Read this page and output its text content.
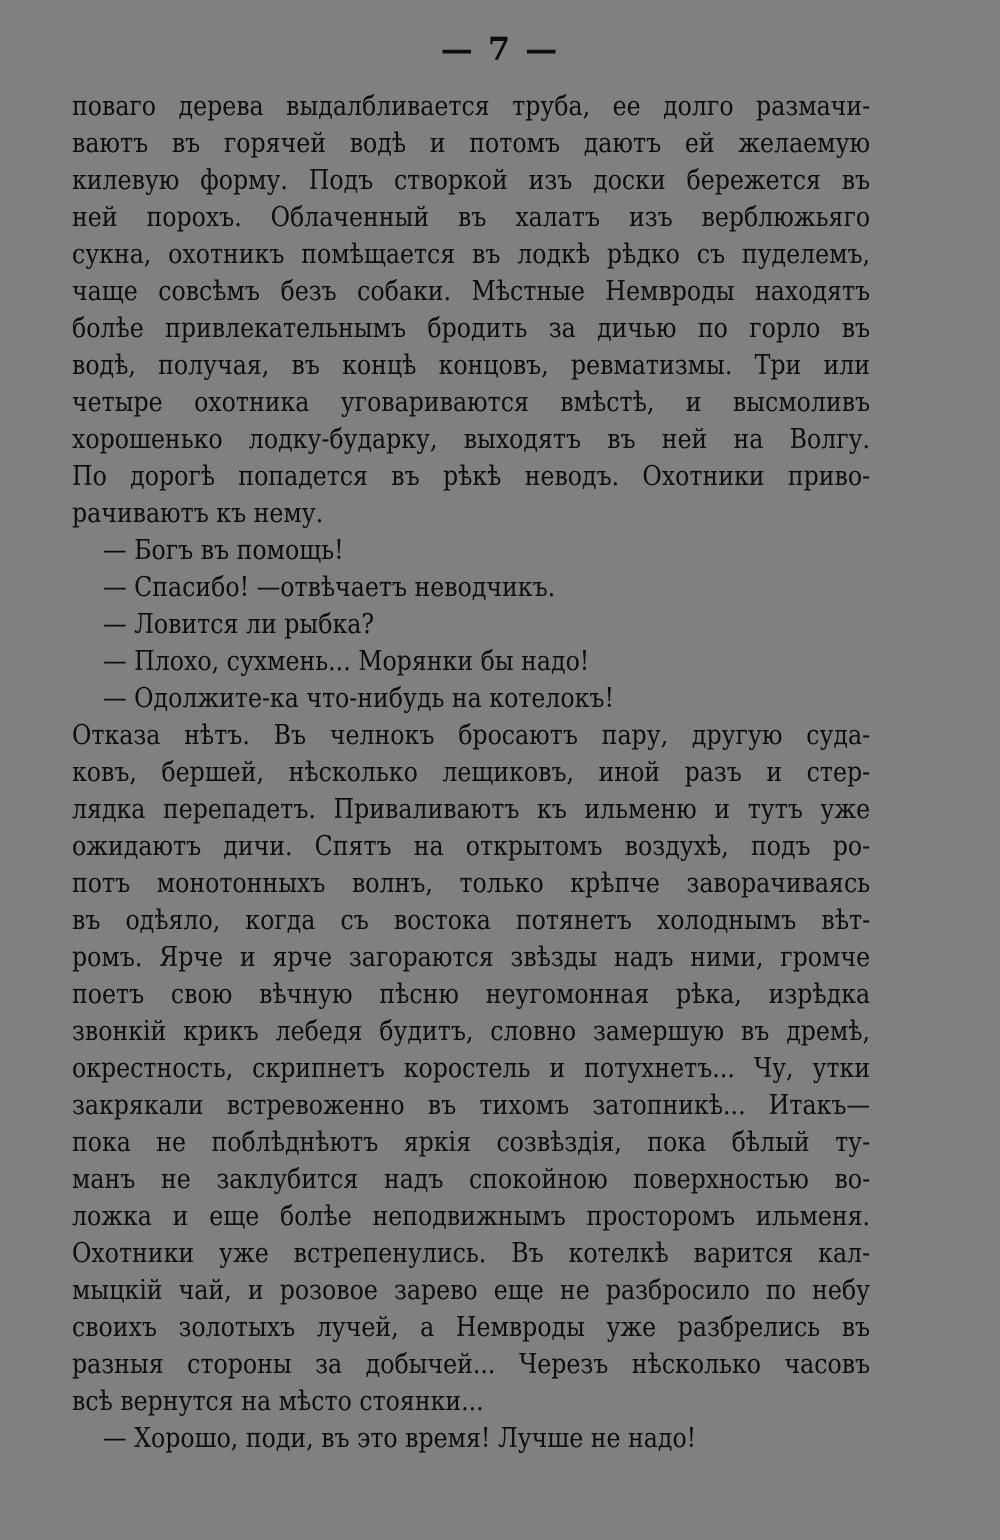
— 7 —
поваго дерева выдалбливается труба, ее долго размачи-
ваютъ въ горячей водѣ и потомъ даютъ ей желаемую
килевую форму. Подъ створкой изъ доски бережется въ
ней порохъ. Облаченный въ халатъ изъ верблюжьяго
сукна, охотникъ помѣщается въ лодкѣ рѣдко съ пуделемъ,
чаще совсѣмъ безъ собаки. Мѣстные Немвроды находятъ
болѣе привлекательнымъ бродить за дичью по горло въ
водѣ, получая, въ концѣ концовъ, ревматизмы. Три или
четыре охотника уговариваются вмѣстѣ, и высмоливъ
хорошенько лодку-бударку, выходятъ въ ней на Волгу.
По дорогѣ попадется въ рѣкѣ неводъ. Охотники приво-
рачиваютъ къ нему.
— Богъ въ помощь!
— Спасибо! —отвѣчаетъ неводчикъ.
— Ловится ли рыбка?
— Плохо, сухмень... Морянки бы надо!
— Одолжите-ка что-нибудь на котелокъ!
Отказа нѣтъ. Въ челнокъ бросаютъ пару, другую суда-
ковъ, бершей, нѣсколько лещиковъ, иной разъ и стер-
лядка перепадетъ. Приваливаютъ къ ильменю и тутъ уже
ожидаютъ дичи. Спятъ на открытомъ воздухѣ, подъ ро-
потъ монотонныхъ волнъ, только крѣпче заворачиваясь
въ одѣяло, когда съ востока потянетъ холоднымъ вѣт-
ромъ. Ярче и ярче загораются звѣзды надъ ними, громче
поетъ свою вѣчную пѣсню неугомонная рѣка, изрѣдка
звонкій крикъ лебедя будитъ, словно замершую въ дремѣ,
окрестность, скрипнетъ коростель и потухнетъ... Чу, утки
закрякали встревоженно въ тихомъ затопникѣ... Итакъ—
пока не поблѣднѣютъ яркія созвѣздія, пока бѣлый ту-
манъ не заклубится надъ спокойною поверхностью во-
ложка и еще болѣе неподвижнымъ просторомъ ильменя.
Охотники уже встрепенулись. Въ котелкѣ варится кал-
мыцкій чай, и розовое зарево еще не разбросило по небу
своихъ золотыхъ лучей, а Немвроды уже разбрелись въ
разныя стороны за добычей... Черезъ нѣсколько часовъ
всѣ вернутся на мѣсто стоянки...
— Хорошо, поди, въ это время! Лучше не надо!
